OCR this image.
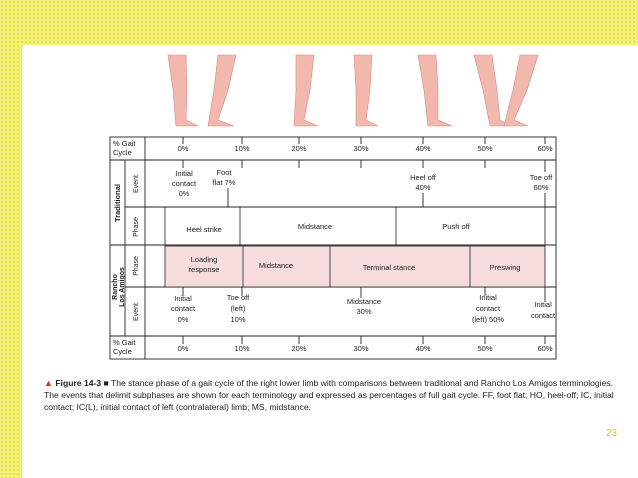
% Gait
Cycle	0%	10%	20%	30%	40%	50%	60%
% Gait
Cycle	0%	10%	20%	30%	40%	50%	60%
Traditional
Event
Phase
Rancho Los Amigos
Phase
Event
Initial
contact
0%
Foot
flat 7%
Heel off
40%
Toe off
60%
Heel strike	Midstance	Push off
Loading
response	Midstance	Terminal stance	Preswing
Initial
contact
0%
Toe off
(left)
10%
Midstance
30%
Initial
contact
(left) 50%
Initial
contact
▲ Figure 14-3 ■ The stance phase of a gait cycle of the right lower limb with comparisons between traditional and Rancho Los Amigos terminologies. The events that delimit subphases are shown for each terminology and expressed as percentages of full gait cycle. FF, foot flat; HO, heel-off; IC, initial contact; IC(L), initial contact of left (contralateral) limb; MS, midstance.
23
